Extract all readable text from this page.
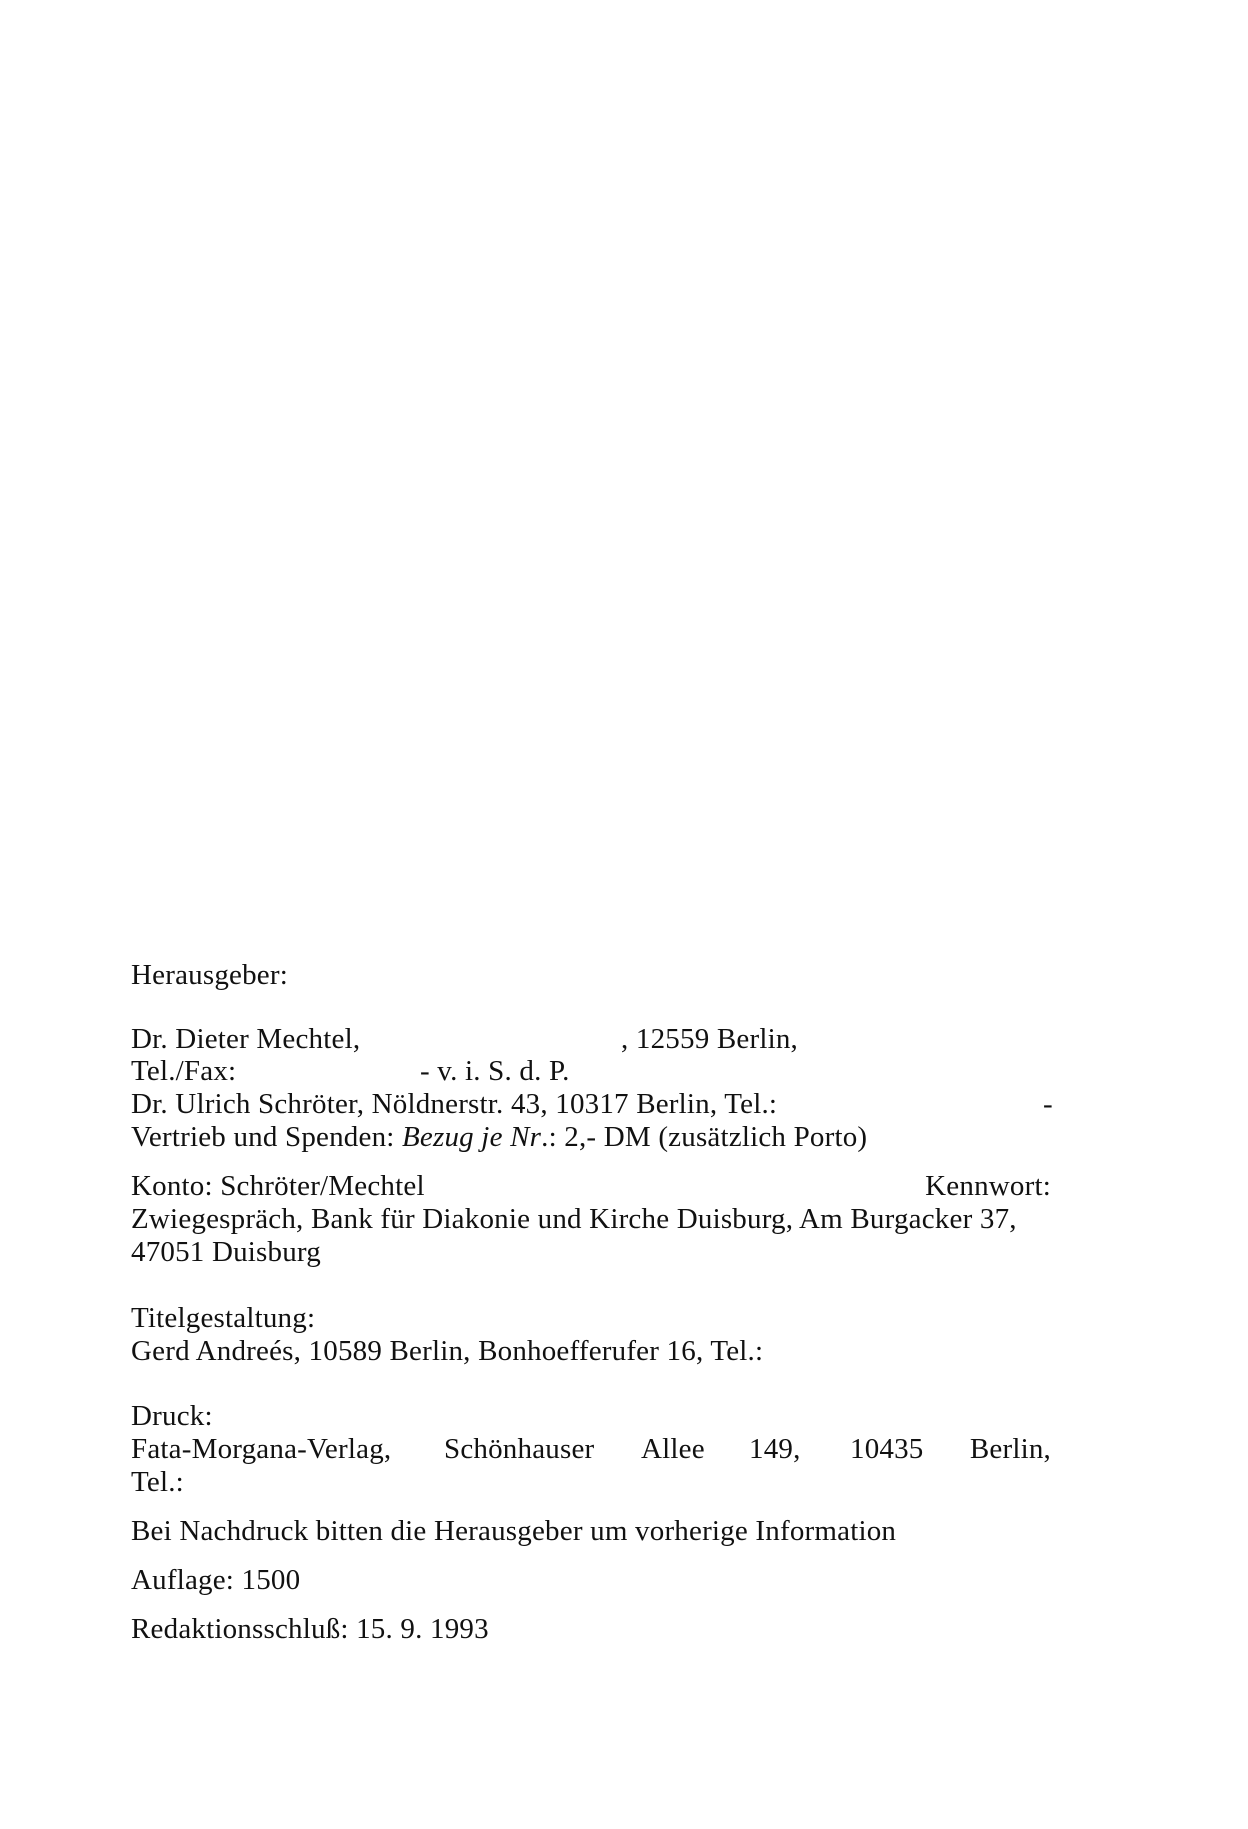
Herausgeber:
Dr. Dieter Mechtel,	, 12559 Berlin,
Tel./Fax:	- v. i. S. d. P.
Dr. Ulrich Schröter, Nöldnerstr. 43, 10317 Berlin, Tel.:	-
Vertrieb und Spenden: Bezug je Nr.: 2,- DM (zusätzlich Porto)
Konto: Schröter/Mechtel	Kennwort:
Zwiegespräch, Bank für Diakonie und Kirche Duisburg, Am Burgacker 37,
47051 Duisburg
Titelgestaltung:
Gerd Andreés, 10589 Berlin, Bonhoefferufer 16, Tel.:
Druck:
Fata-Morgana-Verlag, Schönhauser Allee 149, 10435 Berlin,
Tel.:
Bei Nachdruck bitten die Herausgeber um vorherige Information
Auflage: 1500
Redaktionsschluß: 15. 9. 1993
